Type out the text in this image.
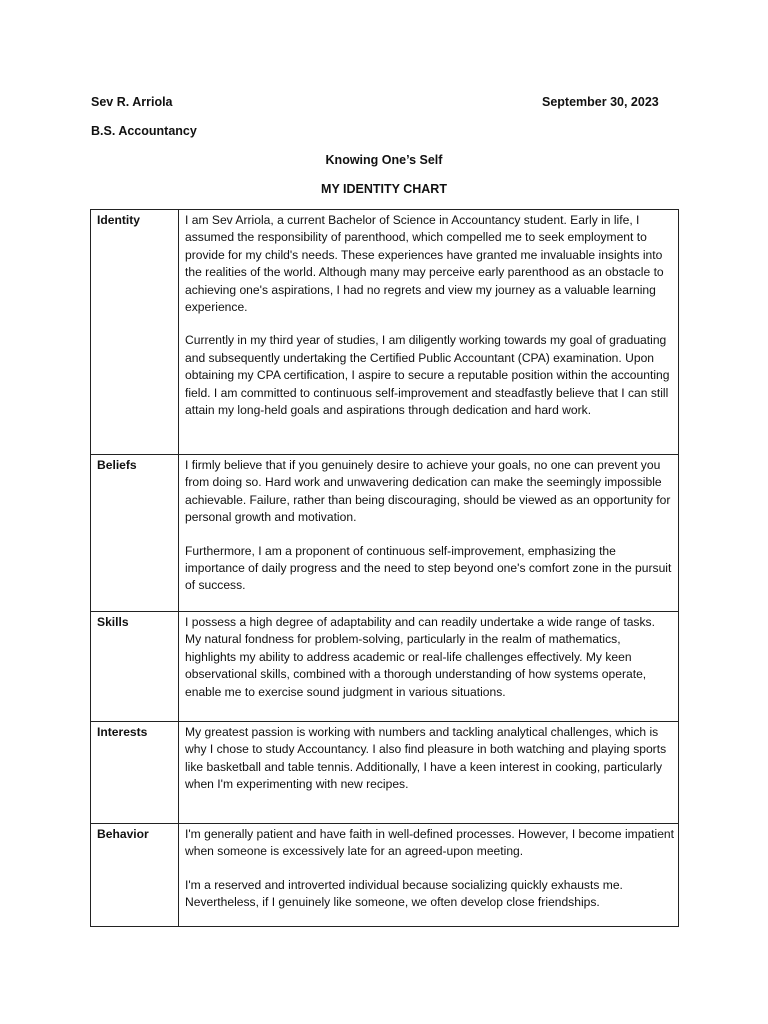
Sev R. Arriola	September 30, 2023
B.S. Accountancy
Knowing One’s Self
MY IDENTITY CHART
Identity	I am Sev Arriola, a current Bachelor of Science in Accountancy student. Early in life, I assumed the responsibility of parenthood, which compelled me to seek employment to provide for my child's needs. These experiences have granted me invaluable insights into the realities of the world. Although many may perceive early parenthood as an obstacle to achieving one's aspirations, I had no regrets and view my journey as a valuable learning experience.

Currently in my third year of studies, I am diligently working towards my goal of graduating and subsequently undertaking the Certified Public Accountant (CPA) examination. Upon obtaining my CPA certification, I aspire to secure a reputable position within the accounting field. I am committed to continuous self-improvement and steadfastly believe that I can still attain my long-held goals and aspirations through dedication and hard work.

Beliefs	I firmly believe that if you genuinely desire to achieve your goals, no one can prevent you from doing so. Hard work and unwavering dedication can make the seemingly impossible achievable. Failure, rather than being discouraging, should be viewed as an opportunity for personal growth and motivation.

Furthermore, I am a proponent of continuous self-improvement, emphasizing the importance of daily progress and the need to step beyond one's comfort zone in the pursuit of success.

Skills	I possess a high degree of adaptability and can readily undertake a wide range of tasks. My natural fondness for problem-solving, particularly in the realm of mathematics, highlights my ability to address academic or real-life challenges effectively. My keen observational skills, combined with a thorough understanding of how systems operate, enable me to exercise sound judgment in various situations.

Interests	My greatest passion is working with numbers and tackling analytical challenges, which is why I chose to study Accountancy. I also find pleasure in both watching and playing sports like basketball and table tennis. Additionally, I have a keen interest in cooking, particularly when I'm experimenting with new recipes.

Behavior	I'm generally patient and have faith in well-defined processes. However, I become impatient when someone is excessively late for an agreed-upon meeting.

I'm a reserved and introverted individual because socializing quickly exhausts me. Nevertheless, if I genuinely like someone, we often develop close friendships.
